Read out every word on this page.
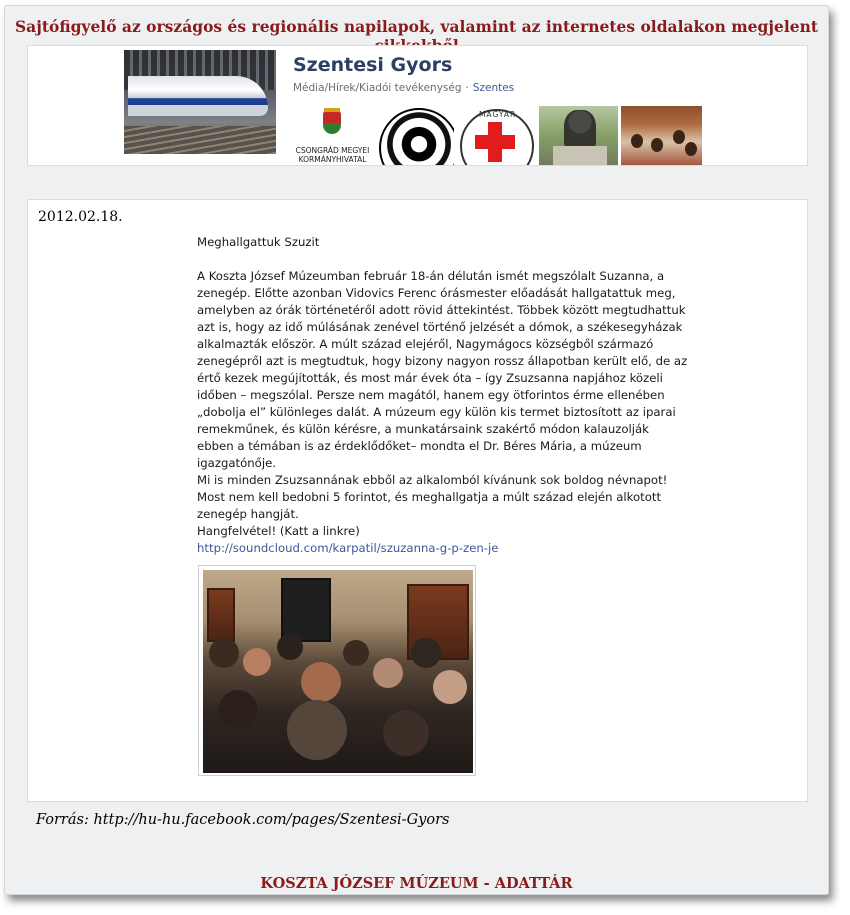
Sajtófigyelő az országos és regionális napilapok, valamint az internetes oldalakon megjelent
Szentesi Gyors
Média/Hírek/Kiadói tevékenység · Szentes
CSONGRÁD MEGYEI
KORMÁNYHIVATAL
MAGYAR
2012.02.18.
Meghallgattuk Szuzit
A Koszta József Múzeumban február 18-án délután ismét megszólalt Suzanna, a
zenegép. Előtte azonban Vidovics Ferenc órásmester előadását hallgatattuk meg,
amelyben az órák történetéről adott rövid áttekintést. Többek között megtudhattuk
azt is, hogy az idő múlásának zenével történő jelzését a dómok, a székesegyházak
alkalmazták először. A múlt század elejéről, Nagymágocs községből származó
zenegépről azt is megtudtuk, hogy bizony nagyon rossz állapotban került elő, de az
értő kezek megújították, és most már évek óta – így Zsuzsanna napjához közeli
időben – megszólal. Persze nem magától, hanem egy ötforintos érme ellenében
„dobolja el” különleges dalát. A múzeum egy külön kis termet biztosított az iparai
remekműnek, és külön kérésre, a munkatársaink szakértő módon kalauzolják
ebben a témában is az érdeklődőket– mondta el Dr. Béres Mária, a múzeum
igazgatónője.
Mi is minden Zsuzsannának ebből az alkalomból kívánunk sok boldog névnapot!
Most nem kell bedobni 5 forintot, és meghallgatja a múlt század elején alkotott
zenegép hangját.
Hangfelvétel! (Katt a linkre)
http://soundcloud.com/karpatil/szuzanna-g-p-zen-je
Forrás: http://hu-hu.facebook.com/pages/Szentesi-Gyors
KOSZTA JÓZSEF MÚZEUM - ADATTÁR
